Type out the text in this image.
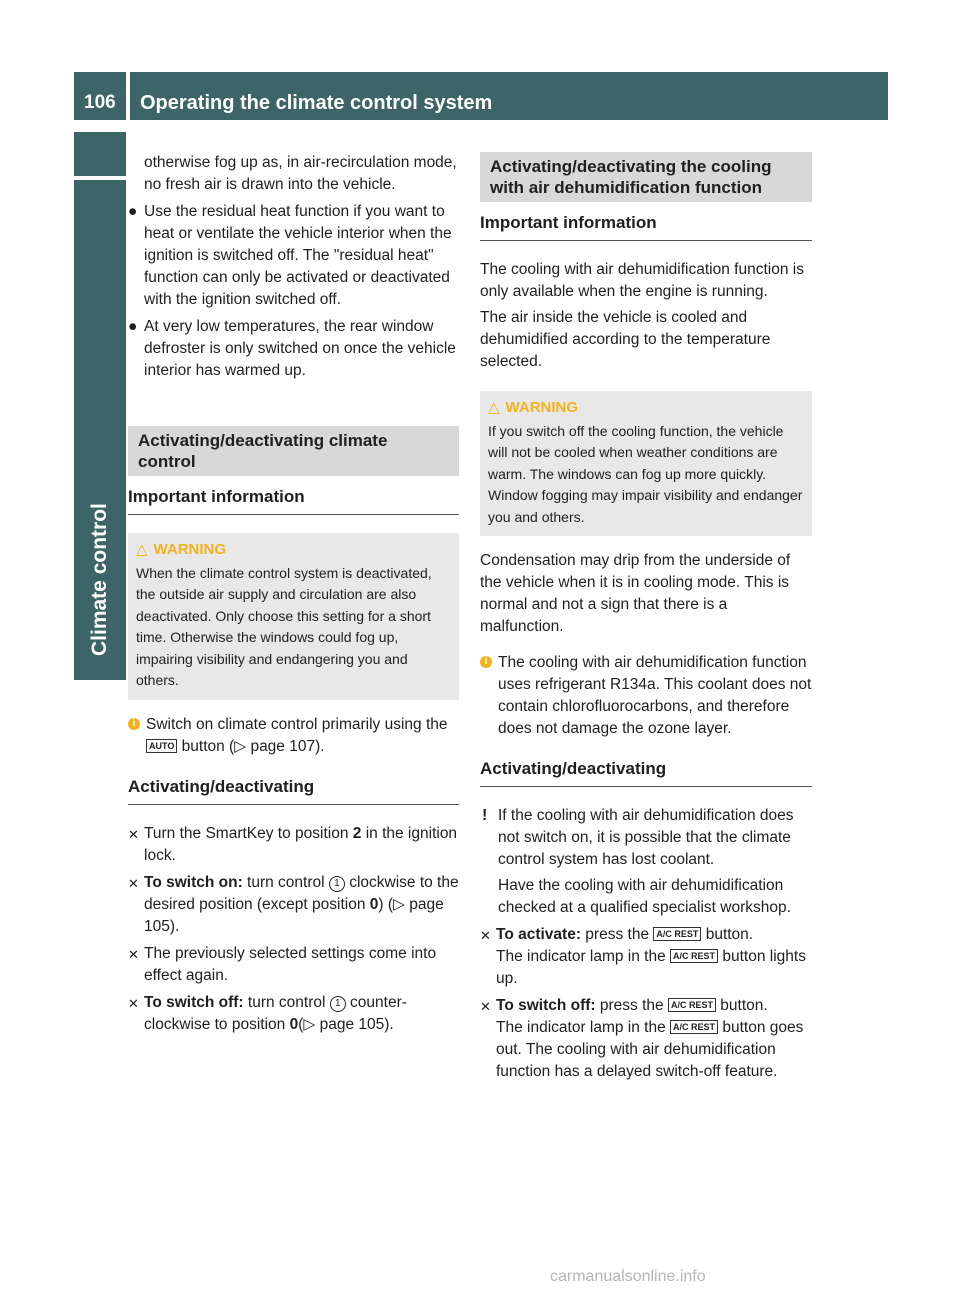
106 Operating the climate control system
Climate control

otherwise fog up as, in air-recirculation mode, no fresh air is drawn into the vehicle.

● Use the residual heat function if you want to heat or ventilate the vehicle interior when the ignition is switched off. The "residual heat" function can only be activated or deactivated with the ignition switched off.
● At very low temperatures, the rear window defroster is only switched on once the vehicle interior has warmed up.
Activating/deactivating climate control
Important information
△ WARNING

When the climate control system is deactivated, the outside air supply and circulation are also deactivated. Only choose this setting for a short time. Otherwise the windows could fog up, impairing visibility and endangering you and others.

i Switch on climate control primarily using the AUTO button (▷ page 107).
Activating/deactivating
✕ Turn the SmartKey to position 2 in the ignition lock.
✕ To switch on: turn control 1 clockwise to the desired position (except position 0) (▷ page 105).
✕ The previously selected settings come into effect again.
✕ To switch off: turn control 1 counter-clockwise to position 0(▷ page 105).
Activating/deactivating the cooling with air dehumidification function
Important information

The cooling with air dehumidification function is only available when the engine is running.

The air inside the vehicle is cooled and dehumidified according to the temperature selected.

△ WARNING

If you switch off the cooling function, the vehicle will not be cooled when weather conditions are warm. The windows can fog up more quickly. Window fogging may impair visibility and endanger you and others.

Condensation may drip from the underside of the vehicle when it is in cooling mode. This is normal and not a sign that there is a malfunction.

i The cooling with air dehumidification function uses refrigerant R134a. This coolant does not contain chlorofluorocarbons, and therefore does not damage the ozone layer.
Activating/deactivating
! If the cooling with air dehumidification does not switch on, it is possible that the climate control system has lost coolant.

Have the cooling with air dehumidification checked at a qualified specialist workshop.

✕ To activate: press the A/C REST button.
The indicator lamp in the A/C REST button lights up.
✕ To switch off: press the A/C REST button.
The indicator lamp in the A/C REST button goes out. The cooling with air dehumidification function has a delayed switch-off feature.
carmanualsonline.info
